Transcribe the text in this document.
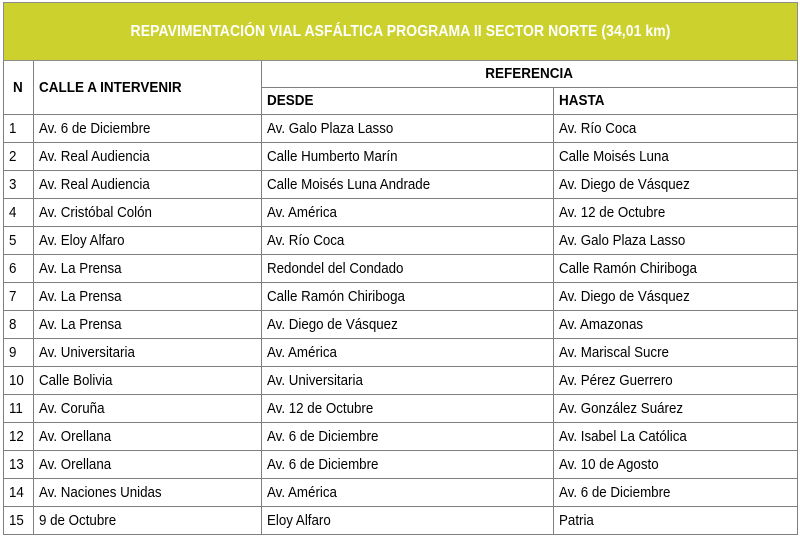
REPAVIMENTACIÓN VIAL ASFÁLTICA PROGRAMA II SECTOR NORTE (34,01 km)			

N	CALLE A INTERVENIR	REFERENCIA	
		DESDE	HASTA
1	Av. 6 de Diciembre	Av. Galo Plaza Lasso	Av. Río Coca
2	Av. Real Audiencia	Calle Humberto Marín	Calle Moisés Luna
3	Av. Real Audiencia	Calle Moisés Luna Andrade	Av. Diego de Vásquez
4	Av. Cristóbal Colón	Av. América	Av. 12 de Octubre
5	Av. Eloy Alfaro	Av. Río Coca	Av. Galo Plaza Lasso
6	Av. La Prensa	Redondel del Condado	Calle Ramón Chiriboga
7	Av. La Prensa	Calle Ramón Chiriboga	Av. Diego de Vásquez
8	Av. La Prensa	Av. Diego de Vásquez	Av. Amazonas
9	Av. Universitaria	Av. América	Av. Mariscal Sucre
10	Calle Bolivia	Av. Universitaria	Av. Pérez Guerrero
11	Av. Coruña	Av. 12 de Octubre	Av. González Suárez
12	Av. Orellana	Av. 6 de Diciembre	Av. Isabel La Católica
13	Av. Orellana	Av. 6 de Diciembre	Av. 10 de Agosto
14	Av. Naciones Unidas	Av. América	Av. 6 de Diciembre
15	9 de Octubre	Eloy Alfaro	Patria
